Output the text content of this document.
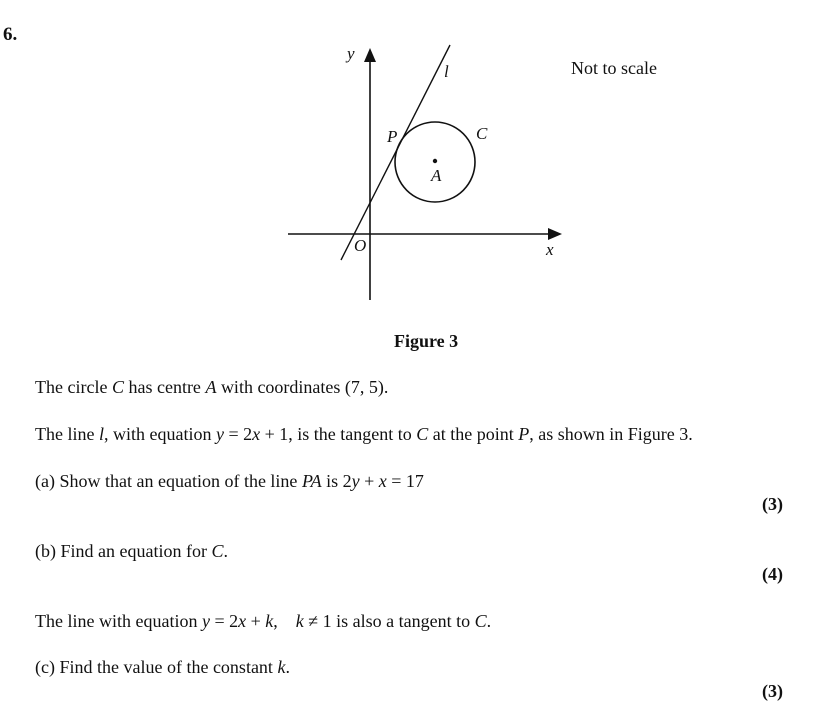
6.
y
x
O
l
P	C
A
Not to scale
Figure 3
The circle C has centre A with coordinates (7, 5).
The line l, with equation y = 2x + 1, is the tangent to C at the point P, as shown in Figure 3.
(a) Show that an equation of the line PA is 2y + x = 17
(3)
(b) Find an equation for C.
(4)
The line with equation y = 2x + k,    k ≠ 1 is also a tangent to C.
(c) Find the value of the constant k.
(3)
